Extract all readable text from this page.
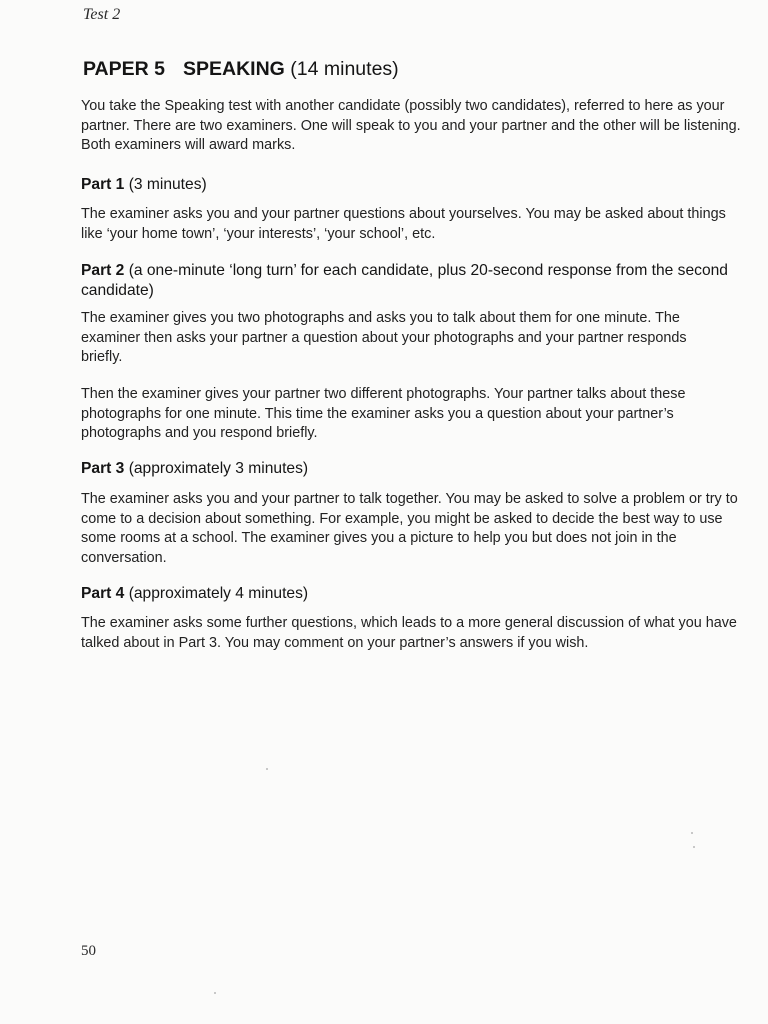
Test 2
PAPER 5 SPEAKING (14 minutes)

You take the Speaking test with another candidate (possibly two candidates), referred to here as your partner. There are two examiners. One will speak to you and your partner and the other will be listening. Both examiners will award marks.

Part 1 (3 minutes)

The examiner asks you and your partner questions about yourselves. You may be asked about things like ‘your home town’, ‘your interests’, ‘your school’, etc.

Part 2 (a one-minute ‘long turn’ for each candidate, plus 20-second response from the second candidate)

The examiner gives you two photographs and asks you to talk about them for one minute. The examiner then asks your partner a question about your photographs and your partner responds briefly.

Then the examiner gives your partner two different photographs. Your partner talks about these photographs for one minute. This time the examiner asks you a question about your partner’s photographs and you respond briefly.

Part 3 (approximately 3 minutes)

The examiner asks you and your partner to talk together. You may be asked to solve a problem or try to come to a decision about something. For example, you might be asked to decide the best way to use some rooms at a school. The examiner gives you a picture to help you but does not join in the conversation.

Part 4 (approximately 4 minutes)

The examiner asks some further questions, which leads to a more general discussion of what you have talked about in Part 3. You may comment on your partner’s answers if you wish.

50
